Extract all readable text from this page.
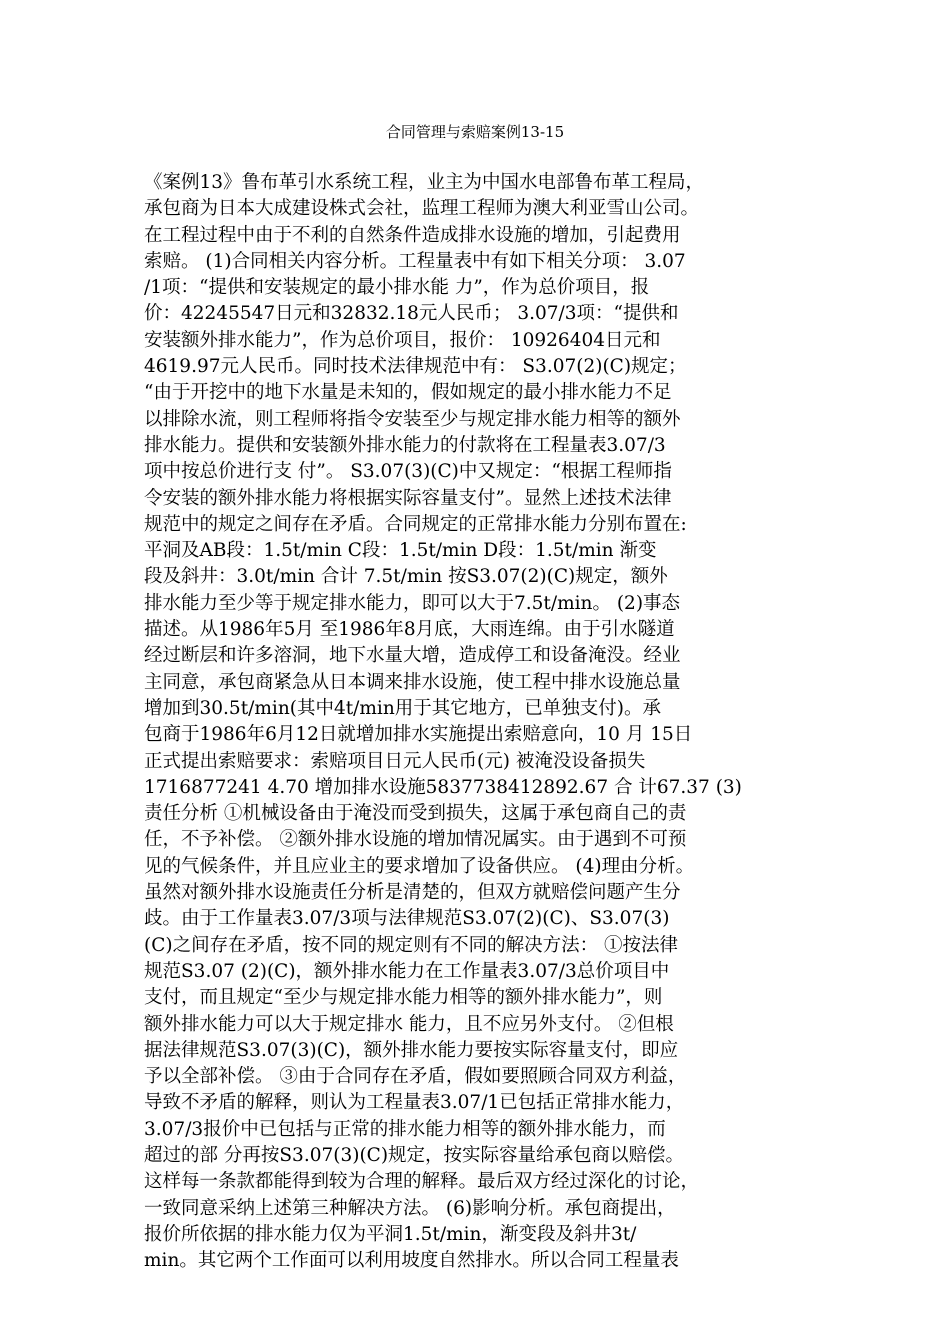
合同管理与索赔案例13-15
《案例13》鲁布革引水系统工程，业主为中国水电部鲁布革工程局，
承包商为日本大成建设株式会社，监理工程师为澳大利亚雪山公司。
在工程过程中由于不利的自然条件造成排水设施的增加，引起费用
索赔。 (1)合同相关内容分析。工程量表中有如下相关分项： 3.07
/1项：“提供和安装规定的最小排水能 力”，作为总价项目，报
价：42245547日元和32832.18元人民币； 3.07/3项：“提供和
安装额外排水能力”，作为总价项目，报价： 10926404日元和
4619.97元人民币。同时技术法律规范中有： S3.07(2)(C)规定；
“由于开挖中的地下水量是未知的，假如规定的最小排水能力不足
以排除水流，则工程师将指令安装至少与规定排水能力相等的额外
排水能力。提供和安装额外排水能力的付款将在工程量表3.07/3
项中按总价进行支 付”。 S3.07(3)(C)中又规定：“根据工程师指
令安装的额外排水能力将根据实际容量支付”。显然上述技术法律
规范中的规定之间存在矛盾。合同规定的正常排水能力分别布置在:
平洞及AB段：1.5t/min C段：1.5t/min D段：1.5t/min 渐变
段及斜井：3.0t/min 合计 7.5t/min 按S3.07(2)(C)规定，额外
排水能力至少等于规定排水能力，即可以大于7.5t/min。 (2)事态
描述。从1986年5月 至1986年8月底，大雨连绵。由于引水隧道
经过断层和许多溶洞，地下水量大增，造成停工和设备淹没。经业
主同意，承包商紧急从日本调来排水设施，使工程中排水设施总量
增加到30.5t/min(其中4t/min用于其它地方，已单独支付)。承
包商于1986年6月12日就增加排水实施提出索赔意向，10 月 15日
正式提出索赔要求：索赔项目日元人民币(元) 被淹没设备损失
1716877241 4.70 增加排水设施5837738412892.67 合 计67.37 (3)
责任分析 ①机械设备由于淹没而受到损失，这属于承包商自己的责
任，不予补偿。 ②额外排水设施的增加情况属实。由于遇到不可预
见的气候条件，并且应业主的要求增加了设备供应。 (4)理由分析。
虽然对额外排水设施责任分析是清楚的，但双方就赔偿问题产生分
歧。由于工作量表3.07/3项与法律规范S3.07(2)(C)、S3.07(3)
(C)之间存在矛盾，按不同的规定则有不同的解决方法： ①按法律
规范S3.07 (2)(C)，额外排水能力在工作量表3.07/3总价项目中
支付，而且规定“至少与规定排水能力相等的额外排水能力”，则
额外排水能力可以大于规定排水 能力，且不应另外支付。 ②但根
据法律规范S3.07(3)(C)，额外排水能力要按实际容量支付，即应
予以全部补偿。 ③由于合同存在矛盾，假如要照顾合同双方利益，
导致不矛盾的解释，则认为工程量表3.07/1已包括正常排水能力，
3.07/3报价中已包括与正常的排水能力相等的额外排水能力，而
超过的部 分再按S3.07(3)(C)规定，按实际容量给承包商以赔偿。
这样每一条款都能得到较为合理的解释。最后双方经过深化的讨论，
一致同意采纳上述第三种解决方法。 (6)影响分析。承包商提出，
报价所依据的排水能力仅为平洞1.5t/min，渐变段及斜井3t/
min。其它两个工作面可以利用坡度自然排水。所以合同工程量表
